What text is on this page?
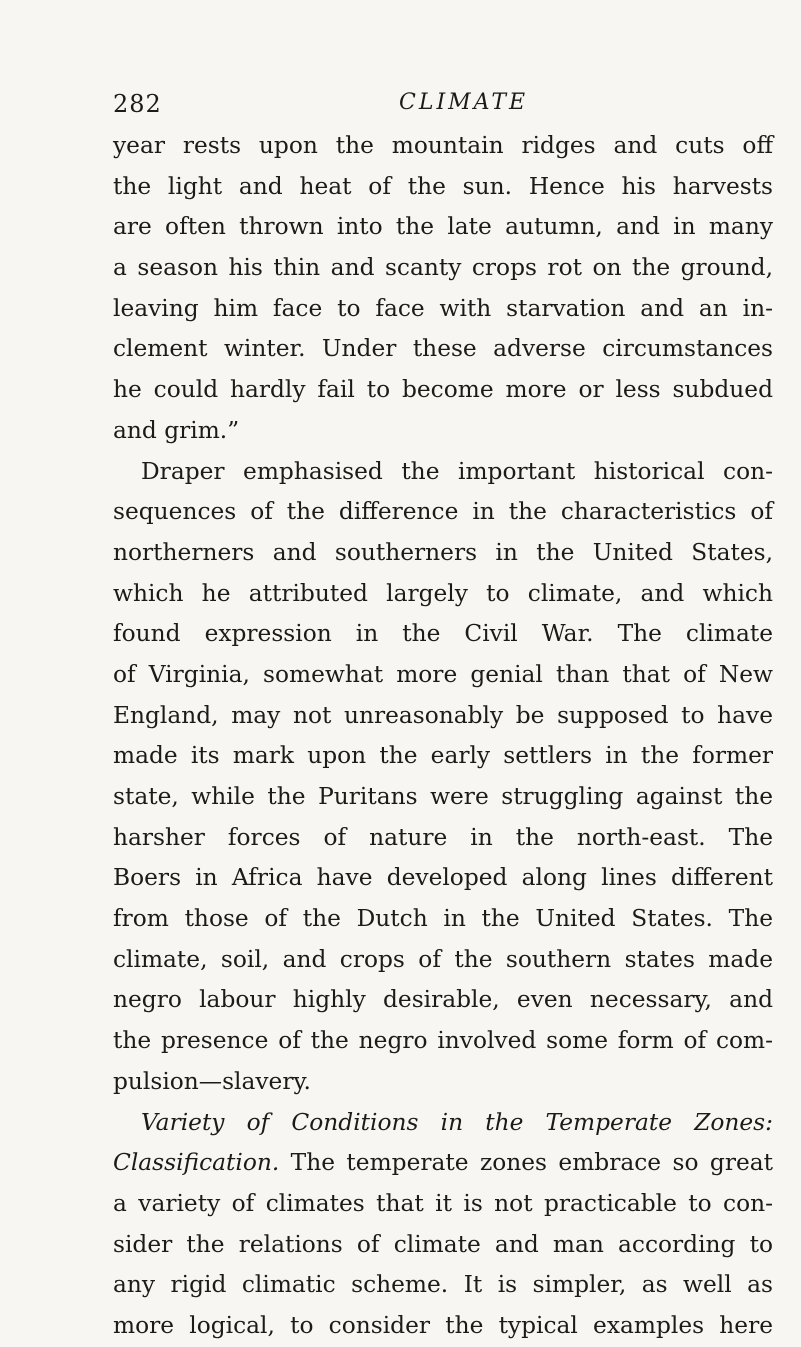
282	CLIMATE
year rests upon the mountain ridges and cuts off
the light and heat of the sun. Hence his harvests
are often thrown into the late autumn, and in many
a season his thin and scanty crops rot on the ground,
leaving him face to face with starvation and an in-
clement winter. Under these adverse circumstances
he could hardly fail to become more or less subdued
and grim.”
Draper emphasised the important historical con-
sequences of the difference in the characteristics of
northerners and southerners in the United States,
which he attributed largely to climate, and which
found expression in the Civil War. The climate
of Virginia, somewhat more genial than that of New
England, may not unreasonably be supposed to have
made its mark upon the early settlers in the former
state, while the Puritans were struggling against the
harsher forces of nature in the north-east. The
Boers in Africa have developed along lines different
from those of the Dutch in the United States. The
climate, soil, and crops of the southern states made
negro labour highly desirable, even necessary, and
the presence of the negro involved some form of com-
pulsion—slavery.
Variety of Conditions in the Temperate Zones:
Classification. The temperate zones embrace so great
a variety of climates that it is not practicable to con-
sider the relations of climate and man according to
any rigid climatic scheme. It is simpler, as well as
more logical, to consider the typical examples here
